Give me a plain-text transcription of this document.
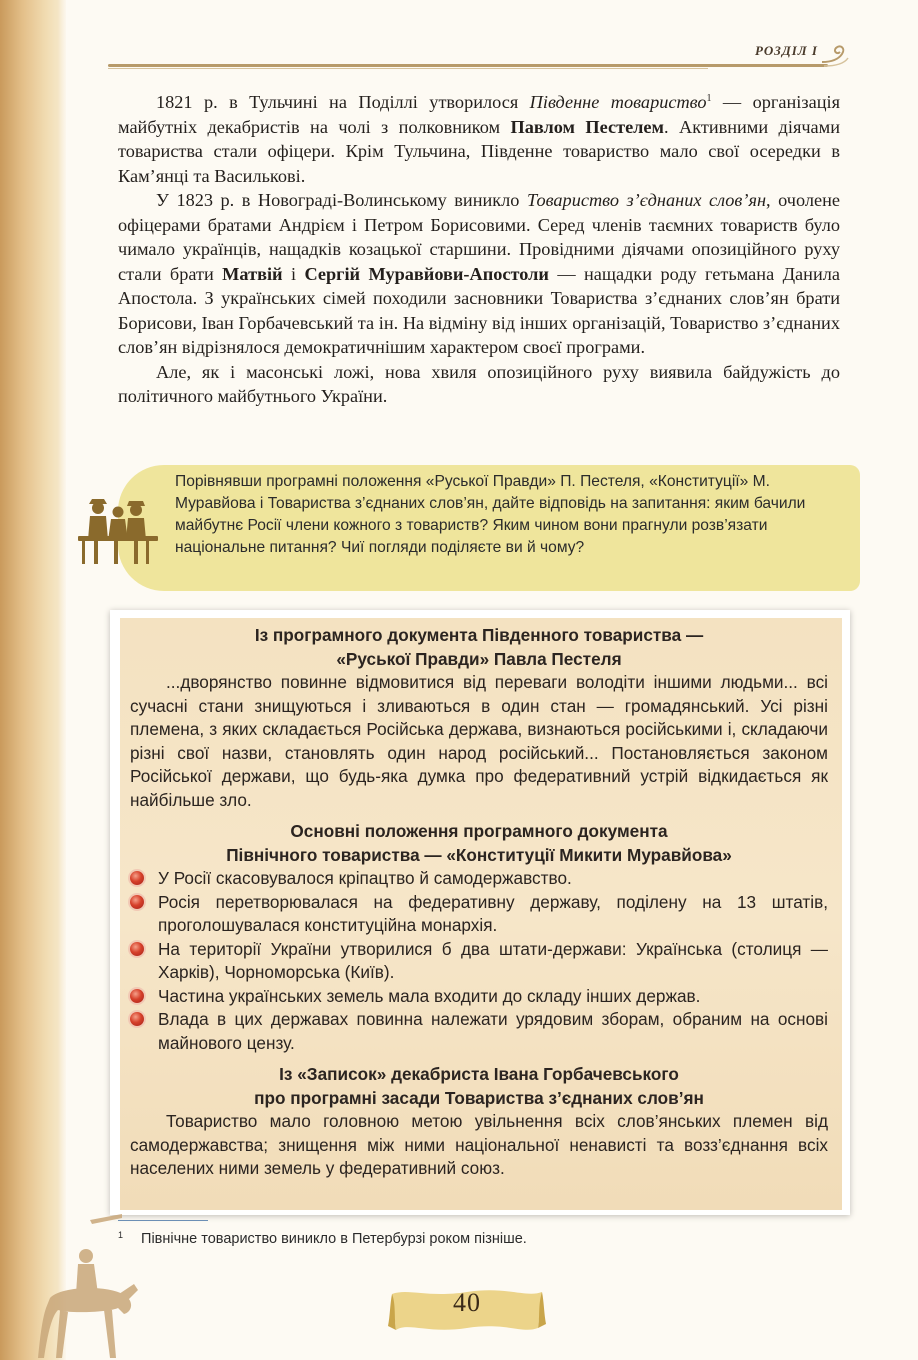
РОЗДІЛ І

1821 р. в Тульчині на Поділлі утворилося Південне товариство$^1$ — організація майбутніх декабристів на чолі з полковником Павлом Пестелем. Активними діячами товариства стали офіцери. Крім Тульчина, Південне товариство мало свої осередки в Кам’янці та Василькові.

У 1823 р. в Новограді-Волинському виникло Товариство з’єднаних слов’ян, очолене офіцерами братами Андрієм і Петром Борисовими. Серед членів таємних товариств було чимало українців, нащадків козацької старшини. Провідними діячами опозиційного руху стали брати Матвій і Сергій Муравйови-Апостоли — нащадки роду гетьмана Данила Апостола. З українських сімей походили засновники Товариства з’єднаних слов’ян брати Борисови, Іван Горбачевський та ін. На відміну від інших організацій, Товариство з’єднаних слов’ян відрізнялося демократичнішим характером своєї програми.

Але, як і масонські ложі, нова хвиля опозиційного руху виявила байдужість до політичного майбутнього України.

Порівнявши програмні положення «Руської Правди» П. Пестеля, «Конституції» М. Муравйова і Товариства з’єднаних слов’ян, дайте відповідь на запитання: яким бачили майбутнє Росії члени кожного з товариств? Яким чином вони прагнули розв’язати національне питання? Чиї погляди поділяєте ви й чому?
Із програмного документа Південного товариства —
«Руської Правди» Павла Пестеля

...дворянство повинне відмовитися від переваги володіти іншими людьми... всі сучасні стани знищуються і зливаються в один стан — громадянський. Усі різні племена, з яких складається Російська держава, визнаються російськими і, складаючи різні свої назви, становлять один народ російський... Постановляється законом Російської держави, що будь-яка думка про федеративний устрій відкидається як найбільше зло.

Основні положення програмного документа
Північного товариства — «Конституції Микити Муравйова»
У Росії скасовувалося кріпацтво й самодержавство.
Росія перетворювалася на федеративну державу, поділену на 13 штатів, проголошувалася конституційна монархія.
На території України утворилися б два штати-держави: Українська (столиця — Харків), Чорноморська (Київ).
Частина українських земель мала входити до складу інших держав.
Влада в цих державах повинна належати урядовим зборам, обраним на основі майнового цензу.
Із «Записок» декабриста Івана Горбачевського
про програмні засади Товариства з’єднаних слов’ян

Товариство мало головною метою увільнення всіх слов’янських племен від самодержавства; знищення між ними національної ненависті та возз’єднання всіх населених ними земель у федеративний союз.

$^1$ Північне товариство виникло в Петербурзі роком пізніше.
40
